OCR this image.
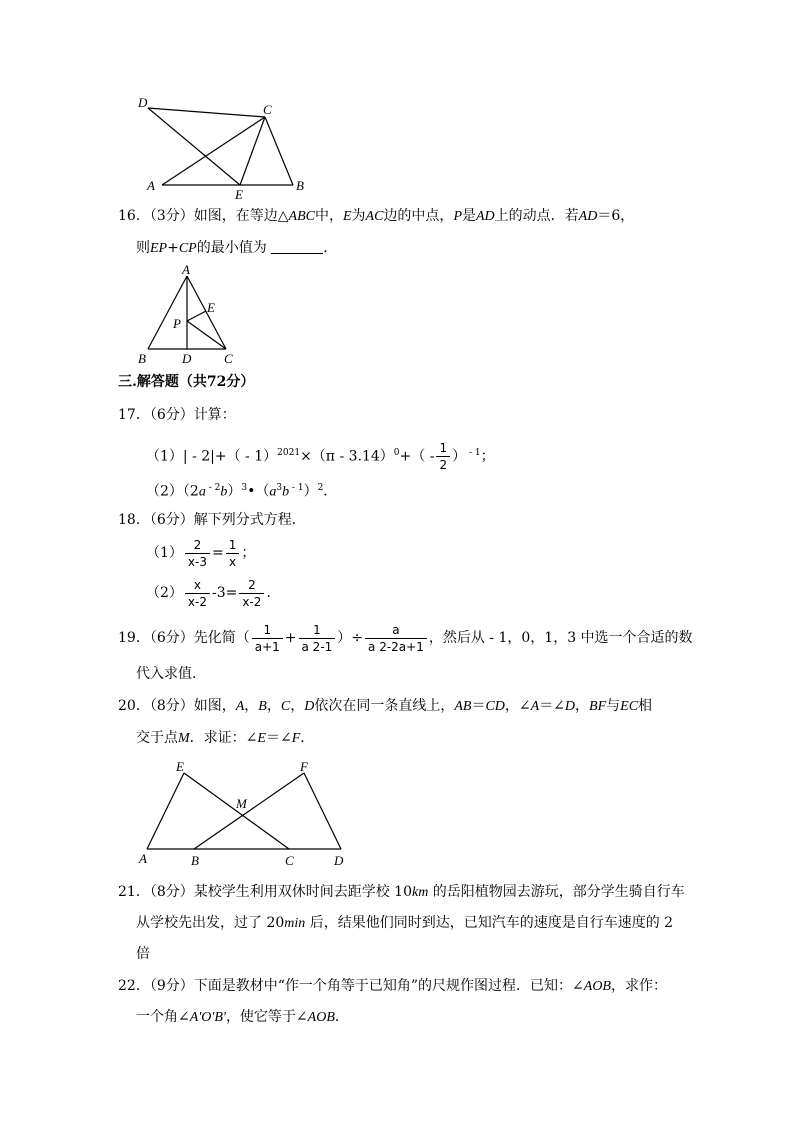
D	C
A
E
B
16．（3分）如图，在等边△ABC中，E为AC边的中点，P是AD上的动点．若AD＝6，
则EP+CP的最小值为	．
A
E
P
B	D	C
三.解答题（共72分）
17．（6分）计算：
$(1)| - 2|+( - 1)^{2021}\times(\pi - 3.14)^0+( - \frac{1}{2}$ ） $^{- 1}$；
（2）（2a $^{- 2}b)^3•(a^3b$ $^{- 1}$）$^2$．
18．（6分）解下列分式方程．
$(1) \frac{2}{x-3} = \frac{1}{x}$ ；
$(2) \frac{x}{x-2} -3= \frac{2}{x-2}$ ．
19．（6分）先化简（ $\frac{1}{a+1} + \frac{1}{a 2-1}$ ）÷ $\frac{a}{a 2-2a+1}$ ，然后从 - 1，0，1，3 中选一个合适的数
代入求值．
20．（8分）如图，A，B，C，D依次在同一条直线上，AB＝CD，∠A＝∠D，BF与EC相
交于点M．求证：∠E＝∠F．
E	F
M
A	B	C	D
21．（8分）某校学生利用双休时间去距学校 10km 的岳阳植物园去游玩，部分学生骑自行车
从学校先出发，过了 20min 后，结果他们同时到达，已知汽车的速度是自行车速度的 2
倍
22．（9分）下面是教材中“作一个角等于已知角”的尺规作图过程．已知：∠AOB，求作：
一个角∠A'O'B'，使它等于∠AOB．
